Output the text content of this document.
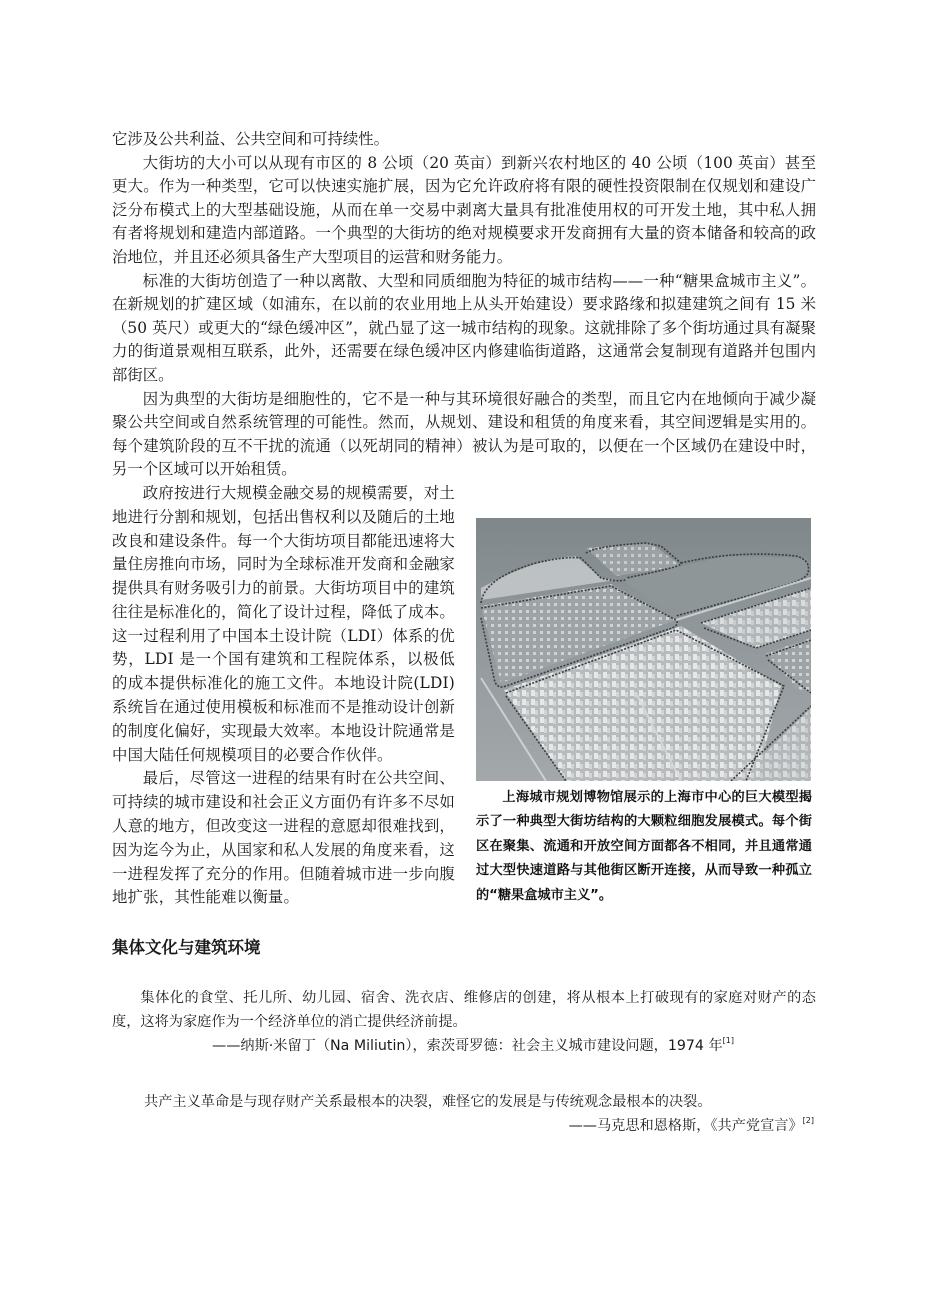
它涉及公共利益、公共空间和可持续性。

大街坊的大小可以从现有市区的 8 公顷（20 英亩）到新兴农村地区的 40 公顷（100 英亩）甚至更大。作为一种类型，它可以快速实施扩展，因为它允许政府将有限的硬性投资限制在仅规划和建设广泛分布模式上的大型基础设施，从而在单一交易中剥离大量具有批准使用权的可开发土地，其中私人拥有者将规划和建造内部道路。一个典型的大街坊的绝对规模要求开发商拥有大量的资本储备和较高的政治地位，并且还必须具备生产大型项目的运营和财务能力。

标准的大街坊创造了一种以离散、大型和同质细胞为特征的城市结构——一种“糖果盒城市主义”。在新规划的扩建区域（如浦东，在以前的农业用地上从头开始建设）要求路缘和拟建建筑之间有 15 米（50 英尺）或更大的“绿色缓冲区”，就凸显了这一城市结构的现象。这就排除了多个街坊通过具有凝聚力的街道景观相互联系，此外，还需要在绿色缓冲区内修建临街道路，这通常会复制现有道路并包围内部街区。

因为典型的大街坊是细胞性的，它不是一种与其环境很好融合的类型，而且它内在地倾向于减少凝聚公共空间或自然系统管理的可能性。然而，从规划、建设和租赁的角度来看，其空间逻辑是实用的。每个建筑阶段的互不干扰的流通（以死胡同的精神）被认为是可取的，以便在一个区域仍在建设中时，另一个区域可以开始租赁。

政府按进行大规模金融交易的规模需要，对土地进行分割和规划，包括出售权利以及随后的土地改良和建设条件。每一个大街坊项目都能迅速将大量住房推向市场，同时为全球标准开发商和金融家提供具有财务吸引力的前景。大街坊项目中的建筑往往是标准化的，简化了设计过程，降低了成本。这一过程利用了中国本土设计院（LDI）体系的优势，LDI 是一个国有建筑和工程院体系，以极低的成本提供标准化的施工文件。本地设计院(LDI)系统旨在通过使用模板和标准而不是推动设计创新的制度化偏好，实现最大效率。本地设计院通常是中国大陆任何规模项目的必要合作伙伴。

最后，尽管这一进程的结果有时在公共空间、可持续的城市建设和社会正义方面仍有许多不尽如人意的地方，但改变这一进程的意愿却很难找到，因为迄今为止，从国家和私人发展的角度来看，这一进程发挥了充分的作用。但随着城市进一步向腹地扩张，其性能难以衡量。

上海城市规划博物馆展示的上海市中心的巨大模型揭示了一种典型大街坊结构的大颗粒细胞发展模式。每个街区在聚集、流通和开放空间方面都各不相同，并且通常通过大型快速道路与其他街区断开连接，从而导致一种孤立的“糖果盒城市主义”。
集体文化与建筑环境

集体化的食堂、托儿所、幼儿园、宿舍、洗衣店、维修店的创建，将从根本上打破现有的家庭对财产的态度，这将为家庭作为一个经济单位的消亡提供经济前提。

——纳斯·米留丁（Na Miliutin），索茨哥罗德：社会主义城市建设问题，1974 年[1]

共产主义革命是与现存财产关系最根本的决裂，难怪它的发展是与传统观念最根本的决裂。

——马克思和恩格斯，《共产党宣言》[2]
